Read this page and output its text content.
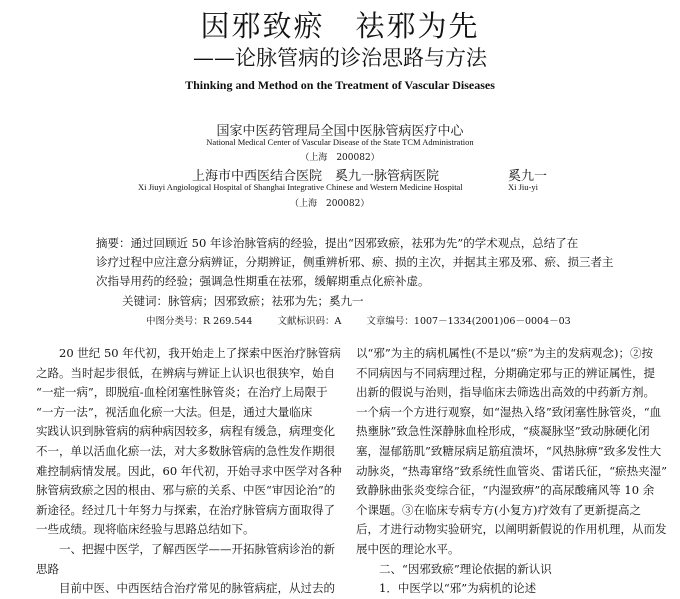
因邪致瘀　祛邪为先
——论脉管病的诊治思路与方法
Thinking and Method on the Treatment of Vascular Diseases
国家中医药管理局全国中医脉管病医疗中心
National Medical Center of Vascular Disease of the State TCM Administration
（上海　200082）
上海市中西医结合医院　奚九一脉管病医院	奚九一
Xi Jiuyi Angiological Hospital of Shanghai Integrative Chinese and Western Medicine Hospital	Xi Jiu-yi
（上海　200082）
摘要：通过回顾近 50 年诊治脉管病的经验，提出“因邪致瘀，祛邪为先”的学术观点，总结了在
诊疗过程中应注意分病辨证，分期辨证，侧重辨析邪、瘀、损的主次，并据其主邪及邪、瘀、损三者主
次指导用药的经验；强调急性期重在祛邪，缓解期重点化瘀补虚。
关键词：脉管病；因邪致瘀；祛邪为先；奚九一
中图分类号：R 269.544	文献标识码：A	文章编号：1007－1334(2001)06－0004－03
　　20 世纪 50 年代初，我开始走上了探索中医治疗脉管病
之路。当时起步很低，在辨病与辨证上认识也很狭窄，始自
“一症一病”，即脱疽-血栓闭塞性脉管炎；在治疗上局限于
“一方一法”，视活血化瘀一大法。但是，通过大量临床
实践认识到脉管病的病种病因较多，病程有缓急，病理变化
不一，单以活血化瘀一法，对大多数脉管病的急性发作期很
难控制病情发展。因此，60 年代初，开始寻求中医学对各种
脉管病致瘀之因的根由、邪与瘀的关系、中医“审因论治”的
新途径。经过几十年努力与探索，在治疗脉管病方面取得了
一些成绩。现将临床经验与思路总结如下。
　　一、把握中医学，了解西医学——开拓脉管病诊治的新
思路
　　目前中医、中西医结合治疗常见的脉管病症，从过去的
以“邪”为主的病机属性(不是以“瘀”为主的发病观念)；②按
不同病因与不同病理过程，分期确定邪与正的辨证属性，提
出新的假说与治则，指导临床去筛选出高效的中药新方剂。
一个病一个方进行观察，如“湿热入络”致闭塞性脉管炎，“血
热壅脉”致急性深静脉血栓形成，“痰凝脉坚”致动脉硬化闭
塞，湿郁筋肌”致糖尿病足筋疽溃坏，“风热脉痹”致多发性大
动脉炎，“热毒窜络”致系统性血管炎、雷诺氏征，“瘀热夹湿”
致静脉曲张炎变综合征，“内湿致痹”的高尿酸痛风等 10 余
个课题。③在临床专病专方(小复方)疗效有了更新提高之
后，才进行动物实验研究，以阐明新假说的作用机理，从而发
展中医的理论水平。
　　二、“因邪致瘀”理论依据的新认识
　　1．中医学以“邪”为病机的论述
